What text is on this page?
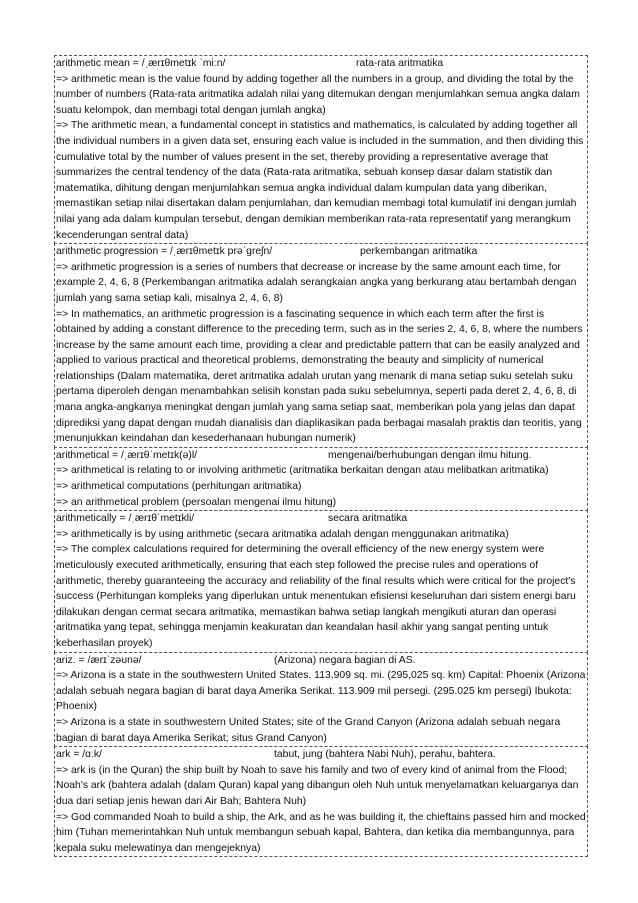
arithmetic mean = /ˌærɪθmetɪk ˈmiːn/	rata-rata aritmatika

=> arithmetic mean is the value found by adding together all the numbers in a group, and dividing the total by the number of numbers (Rata-rata aritmatika adalah nilai yang ditemukan dengan menjumlahkan semua angka dalam suatu kelompok, dan membagi total dengan jumlah angka)

=> The arithmetic mean, a fundamental concept in statistics and mathematics, is calculated by adding together all the individual numbers in a given data set, ensuring each value is included in the summation, and then dividing this cumulative total by the number of values present in the set, thereby providing a representative average that summarizes the central tendency of the data (Rata-rata aritmatika, sebuah konsep dasar dalam statistik dan matematika, dihitung dengan menjumlahkan semua angka individual dalam kumpulan data yang diberikan, memastikan setiap nilai disertakan dalam penjumlahan, dan kemudian membagi total kumulatif ini dengan jumlah nilai yang ada dalam kumpulan tersebut, dengan demikian memberikan rata-rata representatif yang merangkum kecenderungan sentral data)

arithmetic progression = /ˌærɪθmetɪk prəˈɡreʃn/	perkembangan aritmatika

=> arithmetic progression is a series of numbers that decrease or increase by the same amount each time, for example 2, 4, 6, 8 (Perkembangan aritmatika adalah serangkaian angka yang berkurang atau bertambah dengan jumlah yang sama setiap kali, misalnya 2, 4, 6, 8)

=> In mathematics, an arithmetic progression is a fascinating sequence in which each term after the first is obtained by adding a constant difference to the preceding term, such as in the series 2, 4, 6, 8, where the numbers increase by the same amount each time, providing a clear and predictable pattern that can be easily analyzed and applied to various practical and theoretical problems, demonstrating the beauty and simplicity of numerical relationships (Dalam matematika, deret aritmatika adalah urutan yang menarik di mana setiap suku setelah suku pertama diperoleh dengan menambahkan selisih konstan pada suku sebelumnya, seperti pada deret 2, 4, 6, 8, di mana angka-angkanya meningkat dengan jumlah yang sama setiap saat, memberikan pola yang jelas dan dapat diprediksi yang dapat dengan mudah dianalisis dan diaplikasikan pada berbagai masalah praktis dan teoritis, yang menunjukkan keindahan dan kesederhanaan hubungan numerik)

arithmetical = /ˌærɪθˈmetɪk(ə)l/	mengenai/berhubungan dengan ilmu hitung.

=> arithmetical is relating to or involving arithmetic (aritmatika berkaitan dengan atau melibatkan aritmatika)

=> arithmetical computations (perhitungan aritmatika)

=> an arithmetical problem (persoalan mengenai ilmu hitung)

arithmetically = /ˌærɪθˈmetɪkli/	secara aritmatika

=> arithmetically is by using arithmetic (secara aritmatika adalah dengan menggunakan aritmatika)

=> The complex calculations required for determining the overall efficiency of the new energy system were meticulously executed arithmetically, ensuring that each step followed the precise rules and operations of arithmetic, thereby guaranteeing the accuracy and reliability of the final results which were critical for the project's success (Perhitungan kompleks yang diperlukan untuk menentukan efisiensi keseluruhan dari sistem energi baru dilakukan dengan cermat secara aritmatika, memastikan bahwa setiap langkah mengikuti aturan dan operasi aritmatika yang tepat, sehingga menjamin keakuratan dan keandalan hasil akhir yang sangat penting untuk keberhasilan proyek)

ariz. = /ærɪˈzəʊnə/	(Arizona) negara bagian di AS.

=> Arizona is a state in the southwestern United States. 113,909 sq. mi. (295,025 sq. km) Capital: Phoenix (Arizona adalah sebuah negara bagian di barat daya Amerika Serikat. 113.909 mil persegi. (295.025 km persegi) Ibukota: Phoenix)

=> Arizona is a state in southwestern United States; site of the Grand Canyon (Arizona adalah sebuah negara bagian di barat daya Amerika Serikat; situs Grand Canyon)

ark = /ɑːk/	tabut, jung (bahtera Nabi Nuh), perahu, bahtera.

=> ark is (in the Quran) the ship built by Noah to save his family and two of every kind of animal from the Flood; Noah's ark (bahtera adalah (dalam Quran) kapal yang dibangun oleh Nuh untuk menyelamatkan keluarganya dan dua dari setiap jenis hewan dari Air Bah; Bahtera Nuh)

=> God commanded Noah to build a ship, the Ark, and as he was building it, the chieftains passed him and mocked him (Tuhan memerintahkan Nuh untuk membangun sebuah kapal, Bahtera, dan ketika dia membangunnya, para kepala suku melewatinya dan mengejeknya)
